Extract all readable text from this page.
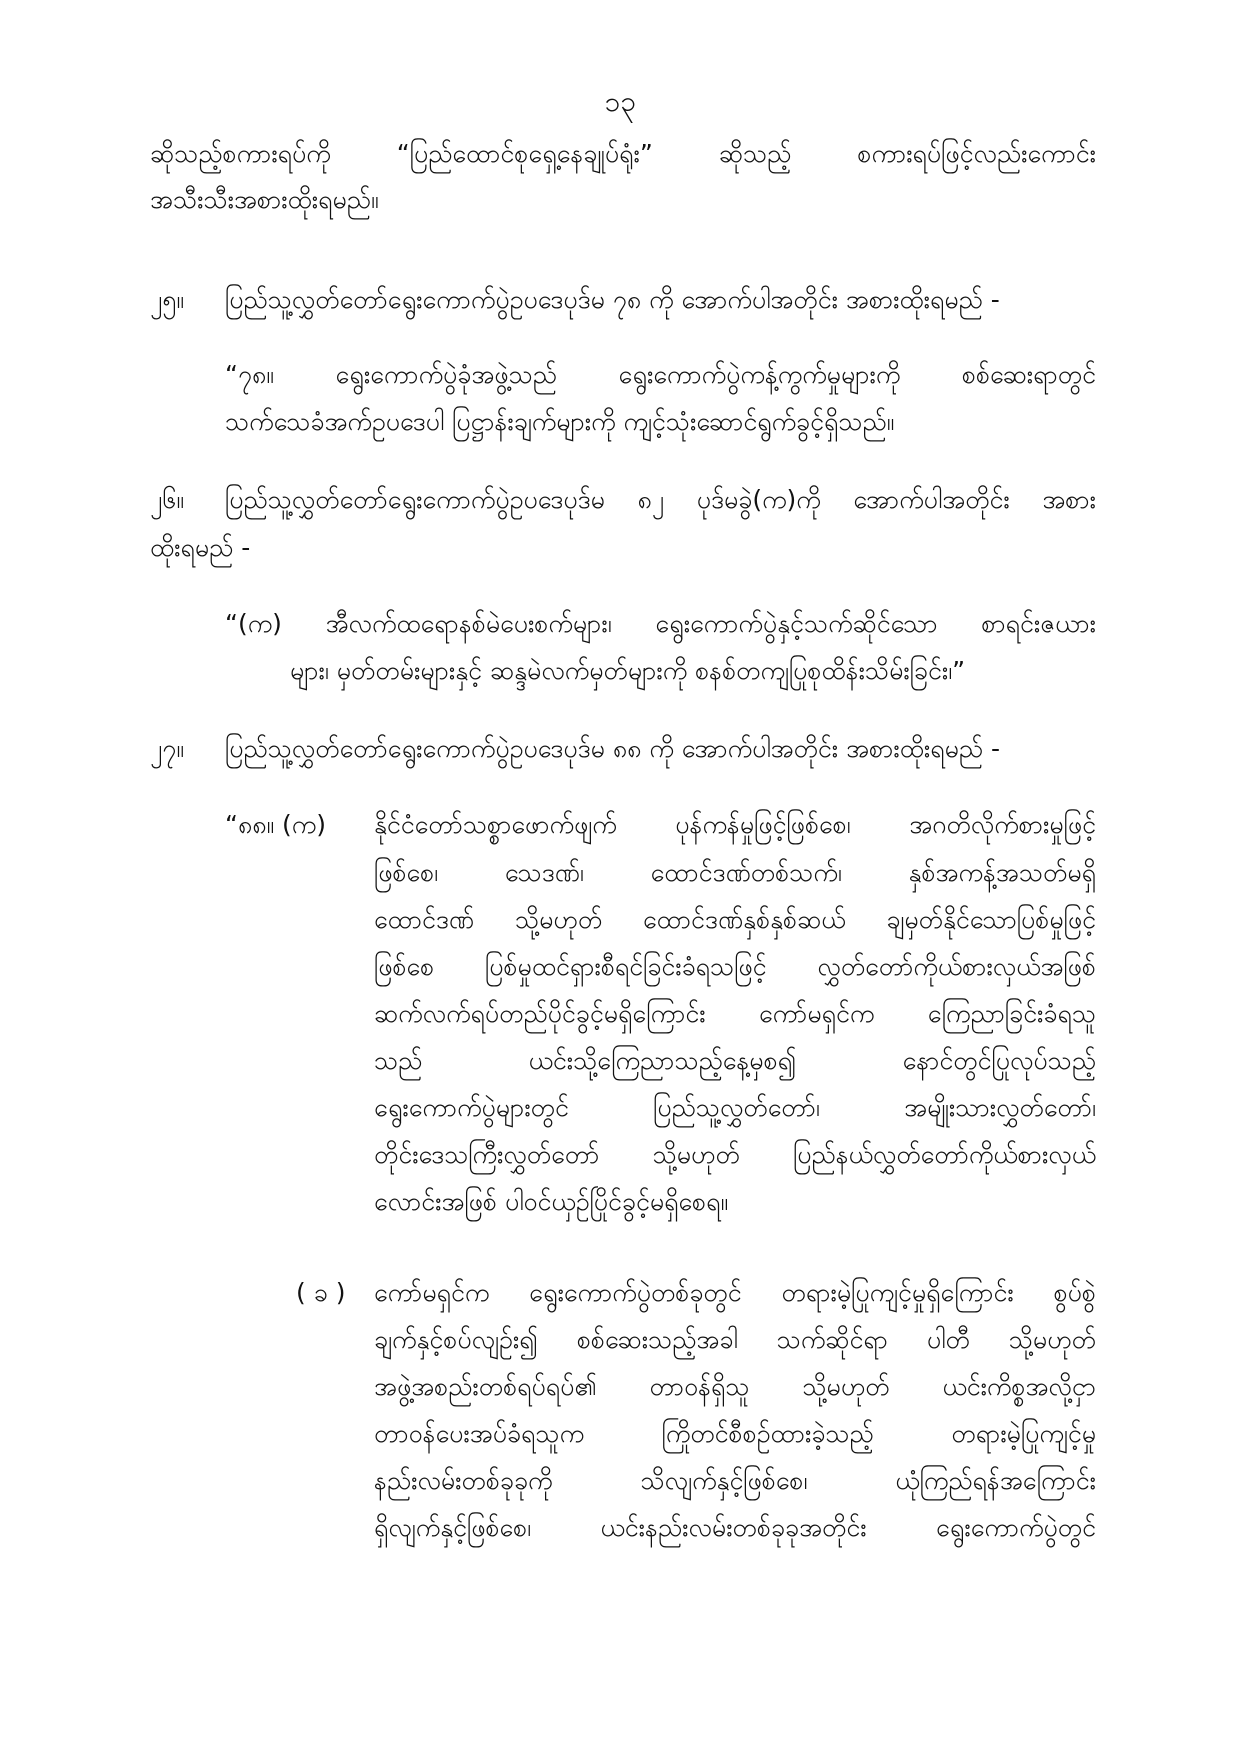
၁၃
ဆိုသည့်စကားရပ်ကို “ပြည်ထောင်စုရှေ့နေချုပ်ရုံး” ဆိုသည့် စကားရပ်ဖြင့်လည်းကောင်း
အသီးသီးအစားထိုးရမည်။
၂၅။ ပြည်သူ့လွှတ်တော်ရွေးကောက်ပွဲဥပဒေပုဒ်မ ၇၈ ကို အောက်ပါအတိုင်း အစားထိုးရမည် -
“၇၈။ ရွေးကောက်ပွဲခုံအဖွဲ့သည် ရွေးကောက်ပွဲကန့်ကွက်မှုများကို စစ်ဆေးရာတွင်
သက်သေခံအက်ဥပဒေပါ ပြဋ္ဌာန်းချက်များကို ကျင့်သုံးဆောင်ရွက်ခွင့်ရှိသည်။
၂၆။ ပြည်သူ့လွှတ်တော်ရွေးကောက်ပွဲဥပဒေပုဒ်မ ၈၂ ပုဒ်မခွဲ(က)ကို အောက်ပါအတိုင်း အစား
ထိုးရမည် -
“(က) အီလက်ထရောနစ်မဲပေးစက်များ၊ ရွေးကောက်ပွဲနှင့်သက်ဆိုင်သော စာရင်းဇယား
များ၊ မှတ်တမ်းများနှင့် ဆန္ဒမဲလက်မှတ်များကို စနစ်တကျပြုစုထိန်းသိမ်းခြင်း၊”
၂၇။ ပြည်သူ့လွှတ်တော်ရွေးကောက်ပွဲဥပဒေပုဒ်မ ၈၈ ကို အောက်ပါအတိုင်း အစားထိုးရမည် -
“၈၈။ (က) နိုင်ငံတော်သစ္စာဖောက်ဖျက် ပုန်ကန်မှုဖြင့်ဖြစ်စေ၊ အဂတိလိုက်စားမှုဖြင့်
ဖြစ်စေ၊ သေဒဏ်၊ ထောင်ဒဏ်တစ်သက်၊ နှစ်အကန့်အသတ်မရှိ
ထောင်ဒဏ် သို့မဟုတ် ထောင်ဒဏ်နှစ်နှစ်ဆယ် ချမှတ်နိုင်သောပြစ်မှုဖြင့်
ဖြစ်စေ ပြစ်မှုထင်ရှားစီရင်ခြင်းခံရသဖြင့် လွှတ်တော်ကိုယ်စားလှယ်အဖြစ်
ဆက်လက်ရပ်တည်ပိုင်ခွင့်မရှိကြောင်း ကော်မရှင်က ကြေညာခြင်းခံရသူ
သည် ယင်းသို့ကြေညာသည့်နေ့မှစ၍ နောင်တွင်ပြုလုပ်သည့်
ရွေးကောက်ပွဲများတွင် ပြည်သူ့လွှတ်တော်၊ အမျိုးသားလွှတ်တော်၊
တိုင်းဒေသကြီးလွှတ်တော် သို့မဟုတ် ပြည်နယ်လွှတ်တော်ကိုယ်စားလှယ်
လောင်းအဖြစ် ပါဝင်ယှဉ်ပြိုင်ခွင့်မရှိစေရ။
( ခ ) ကော်မရှင်က ရွေးကောက်ပွဲတစ်ခုတွင် တရားမဲ့ပြုကျင့်မှုရှိကြောင်း စွပ်စွဲ
ချက်နှင့်စပ်လျဉ်း၍ စစ်ဆေးသည့်အခါ သက်ဆိုင်ရာ ပါတီ သို့မဟုတ်
အဖွဲ့အစည်းတစ်ရပ်ရပ်၏ တာဝန်ရှိသူ သို့မဟုတ် ယင်းကိစ္စအလို့ငှာ
တာဝန်ပေးအပ်ခံရသူက ကြိုတင်စီစဉ်ထားခဲ့သည့် တရားမဲ့ပြုကျင့်မှု
နည်းလမ်းတစ်ခုခုကို သိလျက်နှင့်ဖြစ်စေ၊ ယုံကြည်ရန်အကြောင်း
ရှိလျက်နှင့်ဖြစ်စေ၊ ယင်းနည်းလမ်းတစ်ခုခုအတိုင်း ရွေးကောက်ပွဲတွင်
